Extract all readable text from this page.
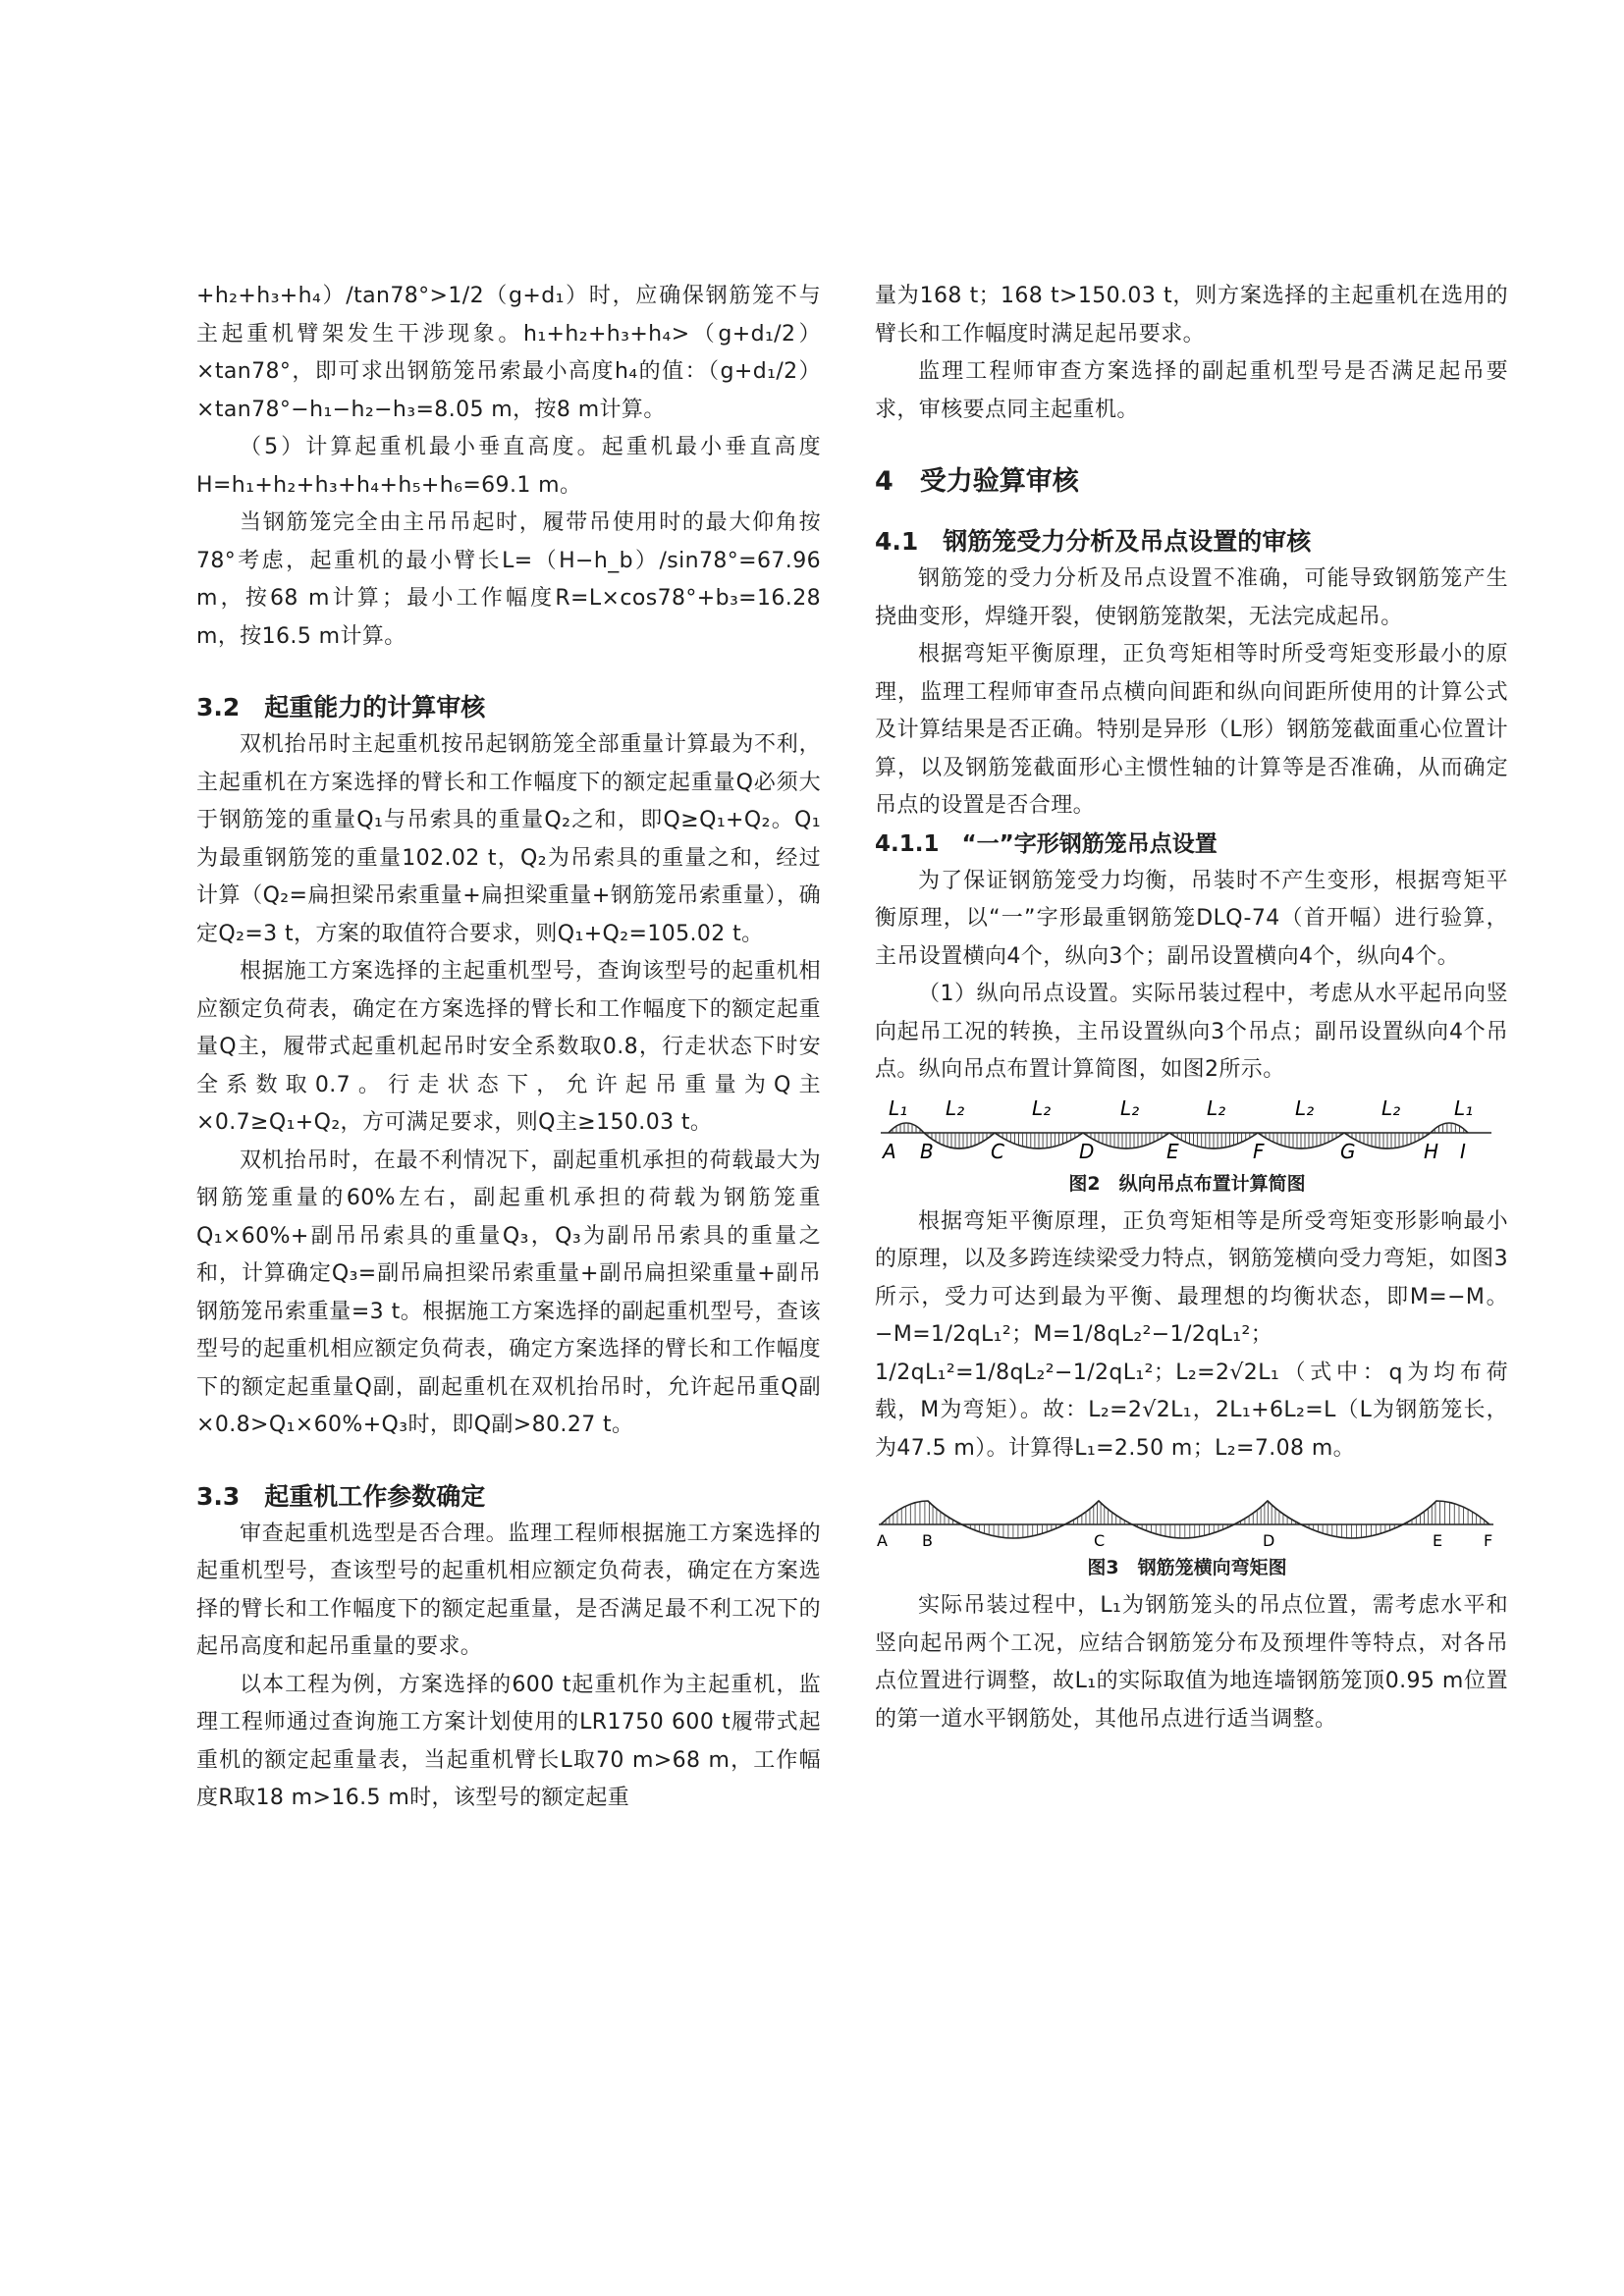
+h₂+h₃+h₄）/tan78°>1/2（g+d₁）时，应确保钢筋笼不与主起重机臂架发生干涉现象。h₁+h₂+h₃+h₄>（g+d₁/2）×tan78°，即可求出钢筋笼吊索最小高度h₄的值：（g+d₁/2）×tan78°−h₁−h₂−h₃=8.05 m，按8 m计算。

（5）计算起重机最小垂直高度。起重机最小垂直高度H=h₁+h₂+h₃+h₄+h₅+h₆=69.1 m。

当钢筋笼完全由主吊吊起时，履带吊使用时的最大仰角按78°考虑，起重机的最小臂长L=（H−h_b）/sin78°=67.96 m，按68 m计算；最小工作幅度R=L×cos78°+b₃=16.28 m，按16.5 m计算。

3.2　起重能力的计算审核

双机抬吊时主起重机按吊起钢筋笼全部重量计算最为不利，主起重机在方案选择的臂长和工作幅度下的额定起重量Q必须大于钢筋笼的重量Q₁与吊索具的重量Q₂之和，即Q≥Q₁+Q₂。Q₁为最重钢筋笼的重量102.02 t，Q₂为吊索具的重量之和，经过计算（Q₂=扁担梁吊索重量+扁担梁重量+钢筋笼吊索重量），确定Q₂=3 t，方案的取值符合要求，则Q₁+Q₂=105.02 t。

根据施工方案选择的主起重机型号，查询该型号的起重机相应额定负荷表，确定在方案选择的臂长和工作幅度下的额定起重量Q主，履带式起重机起吊时安全系数取0.8，行走状态下时安全系数取0.7。行走状态下，允许起吊重量为Q主×0.7≥Q₁+Q₂，方可满足要求，则Q主≥150.03 t。

双机抬吊时，在最不利情况下，副起重机承担的荷载最大为钢筋笼重量的60%左右，副起重机承担的荷载为钢筋笼重Q₁×60%+副吊吊索具的重量Q₃，Q₃为副吊吊索具的重量之和，计算确定Q₃=副吊扁担梁吊索重量+副吊扁担梁重量+副吊钢筋笼吊索重量=3 t。根据施工方案选择的副起重机型号，查该型号的起重机相应额定负荷表，确定方案选择的臂长和工作幅度下的额定起重量Q副，副起重机在双机抬吊时，允许起吊重Q副×0.8>Q₁×60%+Q₃时，即Q副>80.27 t。

3.3　起重机工作参数确定

审查起重机选型是否合理。监理工程师根据施工方案选择的起重机型号，查该型号的起重机相应额定负荷表，确定在方案选择的臂长和工作幅度下的额定起重量，是否满足最不利工况下的起吊高度和起吊重量的要求。

以本工程为例，方案选择的600 t起重机作为主起重机，监理工程师通过查询施工方案计划使用的LR1750 600 t履带式起重机的额定起重量表，当起重机臂长L取70 m>68 m，工作幅度R取18 m>16.5 m时，该型号的额定起重

量为168 t；168 t>150.03 t，则方案选择的主起重机在选用的臂长和工作幅度时满足起吊要求。

监理工程师审查方案选择的副起重机型号是否满足起吊要求，审核要点同主起重机。

4　受力验算审核
4.1　钢筋笼受力分析及吊点设置的审核

钢筋笼的受力分析及吊点设置不准确，可能导致钢筋笼产生挠曲变形，焊缝开裂，使钢筋笼散架，无法完成起吊。

根据弯矩平衡原理，正负弯矩相等时所受弯矩变形最小的原理，监理工程师审查吊点横向间距和纵向间距所使用的计算公式及计算结果是否正确。特别是异形（L形）钢筋笼截面重心位置计算，以及钢筋笼截面形心主惯性轴的计算等是否准确，从而确定吊点的设置是否合理。

4.1.1　“一”字形钢筋笼吊点设置

为了保证钢筋笼受力均衡，吊装时不产生变形，根据弯矩平衡原理，以“一”字形最重钢筋笼DLQ-74（首开幅）进行验算，主吊设置横向4个，纵向3个；副吊设置横向4个，纵向4个。

（1）纵向吊点设置。实际吊装过程中，考虑从水平起吊向竖向起吊工况的转换，主吊设置纵向3个吊点；副吊设置纵向4个吊点。纵向吊点布置计算简图，如图2所示。

A B	C	D	E	F	G	H I
L₁ L₂	L₂	L₂	L₂	L₂	L₂	L₁
图2　纵向吊点布置计算简图

根据弯矩平衡原理，正负弯矩相等是所受弯矩变形影响最小的原理，以及多跨连续梁受力特点，钢筋笼横向受力弯矩，如图3所示，受力可达到最为平衡、最理想的均衡状态，即M=−M。−M=1/2qL₁²；M=1/8qL₂²−1/2qL₁²；1/2qL₁²=1/8qL₂²−1/2qL₁²；L₂=2√2L₁（式中：q为均布荷载，M为弯矩）。故：L₂=2√2L₁，2L₁+6L₂=L（L为钢筋笼长，为47.5 m）。计算得L₁=2.50 m；L₂=7.08 m。

A B	C	D	E	F
图3　钢筋笼横向弯矩图

实际吊装过程中，L₁为钢筋笼头的吊点位置，需考虑水平和竖向起吊两个工况，应结合钢筋笼分布及预埋件等特点，对各吊点位置进行调整，故L₁的实际取值为地连墙钢筋笼顶0.95 m位置的第一道水平钢筋处，其他吊点进行适当调整。
